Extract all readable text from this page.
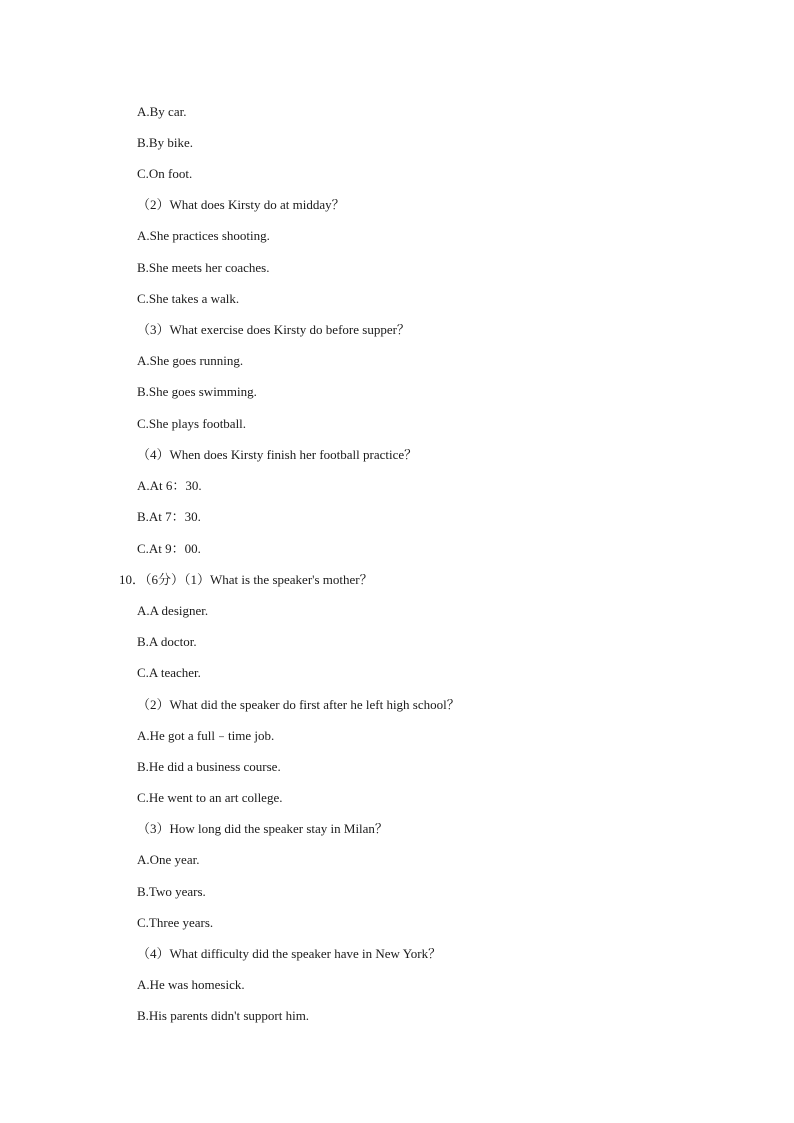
A.By car.
B.By bike.
C.On foot.
（2）What does Kirsty do at midday？
A.She practices shooting.
B.She meets her coaches.
C.She takes a walk.
（3）What exercise does Kirsty do before supper？
A.She goes running.
B.She goes swimming.
C.She plays football.
（4）When does Kirsty finish her football practice？
A.At 6：30.
B.At 7：30.
C.At 9：00.
10．（6分）（1）What is the speaker's mother？
A.A designer.
B.A doctor.
C.A teacher.
（2）What did the speaker do first after he left high school？
A.He got a full﹣time job.
B.He did a business course.
C.He went to an art college.
（3）How long did the speaker stay in Milan？
A.One year.
B.Two years.
C.Three years.
（4）What difficulty did the speaker have in New York？
A.He was homesick.
B.His parents didn't support him.
